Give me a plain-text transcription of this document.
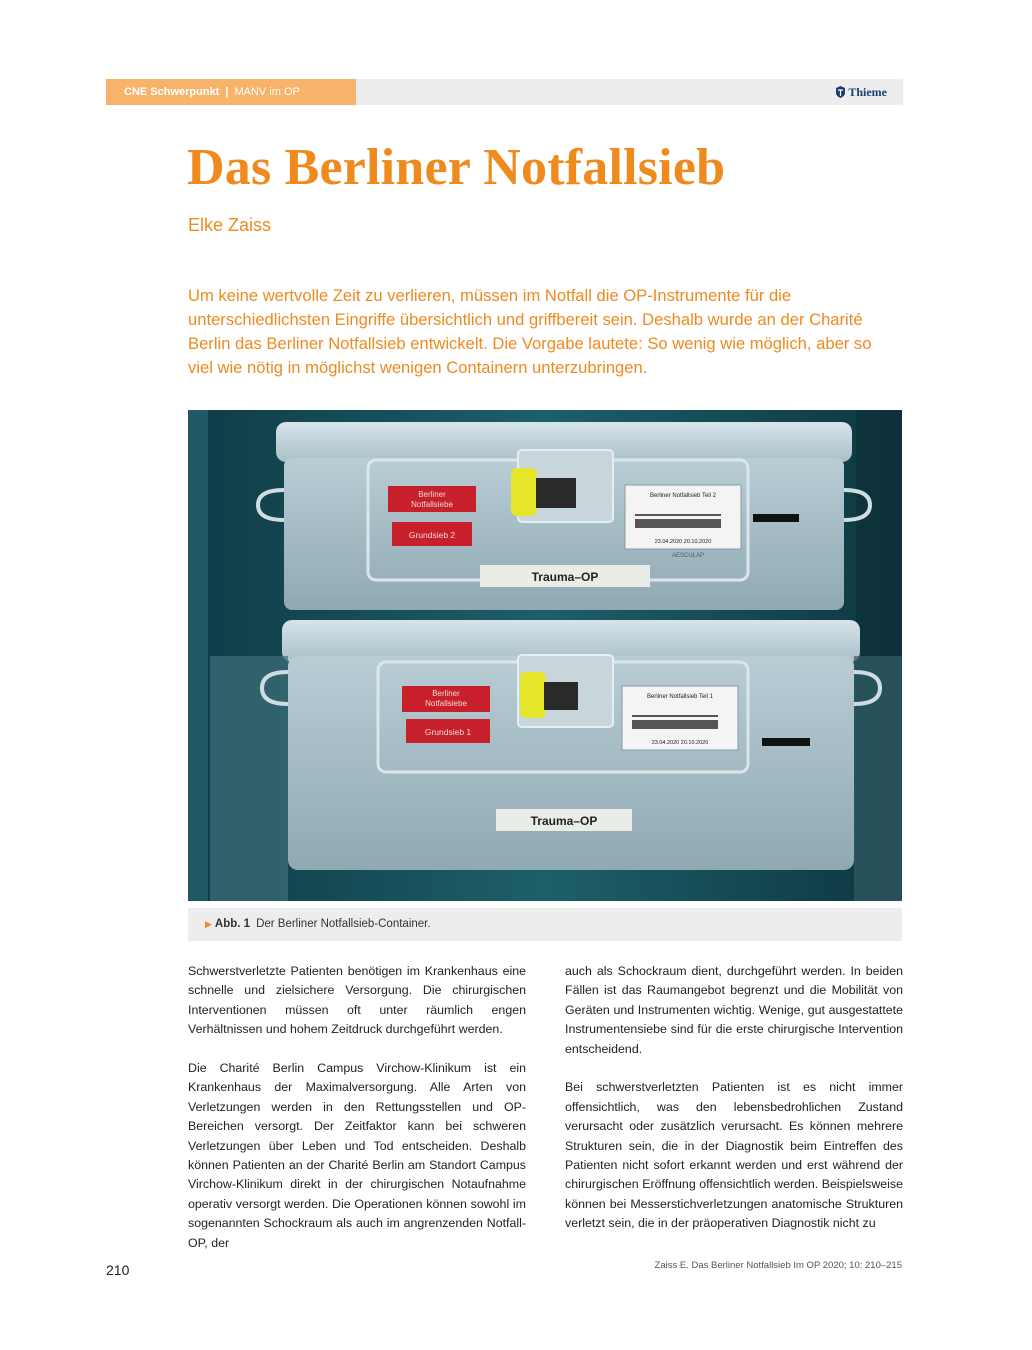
CNE Schwerpunkt | MANV im OP	Thieme
Das Berliner Notfallsieb
Elke Zaiss

Um keine wertvolle Zeit zu verlieren, müssen im Notfall die OP-Instrumente für die unterschiedlichsten Eingriffe übersichtlich und griffbereit sein. Deshalb wurde an der Charité Berlin das Berliner Notfallsieb entwickelt. Die Vorgabe lautete: So wenig wie möglich, aber so viel wie nötig in möglichst wenigen Containern unterzubringen.

Berliner
Notfallsiebe
Grundsieb 2
Berliner Notfallsieb Teil 2
23.04.2020 20.10.2020
AESCULAP
Trauma–OP
Berliner
Notfallsiebe
Grundsieb 1
Berliner Notfallsieb Teil 1
23.04.2020 20.10.2020
Trauma–OP
▶ Abb. 1 Der Berliner Notfallsieb-Container.

Schwerstverletzte Patienten benötigen im Krankenhaus eine schnelle und zielsichere Versorgung. Die chirurgischen Interventionen müssen oft unter räumlich engen Verhältnissen und hohem Zeitdruck durchgeführt werden.

Die Charité Berlin Campus Virchow-Klinikum ist ein Krankenhaus der Maximalversorgung. Alle Arten von Verletzungen werden in den Rettungsstellen und OP-Bereichen versorgt. Der Zeitfaktor kann bei schweren Verletzungen über Leben und Tod entscheiden. Deshalb können Patienten an der Charité Berlin am Standort Campus Virchow-Klinikum direkt in der chirurgischen Notaufnahme operativ versorgt werden. Die Operationen können sowohl im sogenannten Schockraum als auch im angrenzenden Notfall-OP, der

auch als Schockraum dient, durchgeführt werden. In beiden Fällen ist das Raumangebot begrenzt und die Mobilität von Geräten und Instrumenten wichtig. Wenige, gut ausgestattete Instrumentensiebe sind für die erste chirurgische Intervention entscheidend.

Bei schwerstverletzten Patienten ist es nicht immer offensichtlich, was den lebensbedrohlichen Zustand verursacht oder zusätzlich verursacht. Es können mehrere Strukturen sein, die in der Diagnostik beim Eintreffen des Patienten nicht sofort erkannt werden und erst während der chirurgischen Eröffnung offensichtlich werden. Beispielsweise können bei Messerstichverletzungen anatomische Strukturen verletzt sein, die in der präoperativen Diagnostik nicht zu

210	Zaiss E. Das Berliner Notfallsieb Im OP 2020; 10: 210–215
